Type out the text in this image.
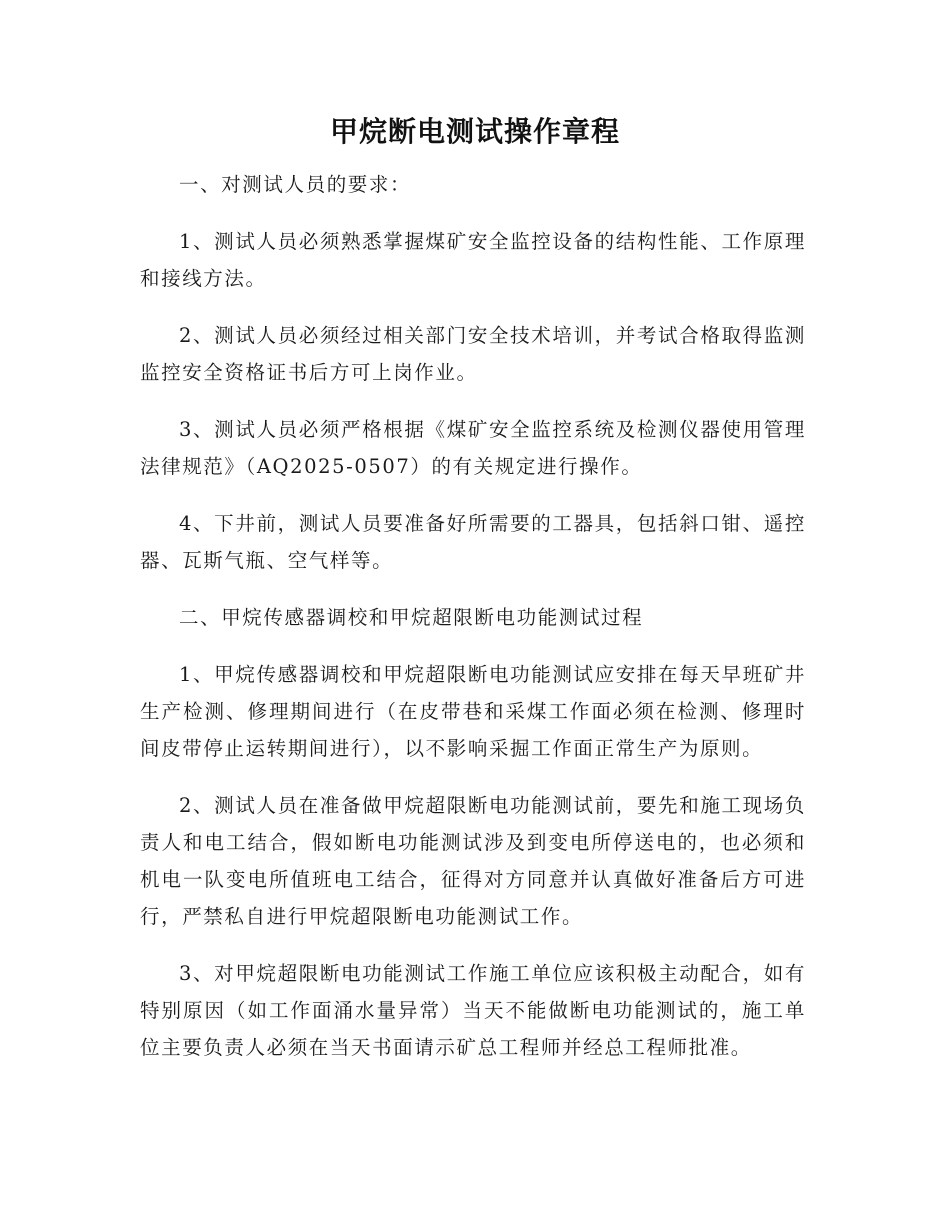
甲烷断电测试操作章程

一、对测试人员的要求：

1、测试人员必须熟悉掌握煤矿安全监控设备的结构性能、工作原理和接线方法。

2、测试人员必须经过相关部门安全技术培训，并考试合格取得监测监控安全资格证书后方可上岗作业。

3、测试人员必须严格根据《煤矿安全监控系统及检测仪器使用管理法律规范》（AQ2025-0507）的有关规定进行操作。

4、下井前，测试人员要准备好所需要的工器具，包括斜口钳、遥控器、瓦斯气瓶、空气样等。

二、甲烷传感器调校和甲烷超限断电功能测试过程

1、甲烷传感器调校和甲烷超限断电功能测试应安排在每天早班矿井生产检测、修理期间进行（在皮带巷和采煤工作面必须在检测、修理时间皮带停止运转期间进行），以不影响采掘工作面正常生产为原则。

2、测试人员在准备做甲烷超限断电功能测试前，要先和施工现场负责人和电工结合，假如断电功能测试涉及到变电所停送电的，也必须和机电一队变电所值班电工结合，征得对方同意并认真做好准备后方可进行，严禁私自进行甲烷超限断电功能测试工作。

3、对甲烷超限断电功能测试工作施工单位应该积极主动配合，如有特别原因（如工作面涌水量异常）当天不能做断电功能测试的，施工单位主要负责人必须在当天书面请示矿总工程师并经总工程师批准。
